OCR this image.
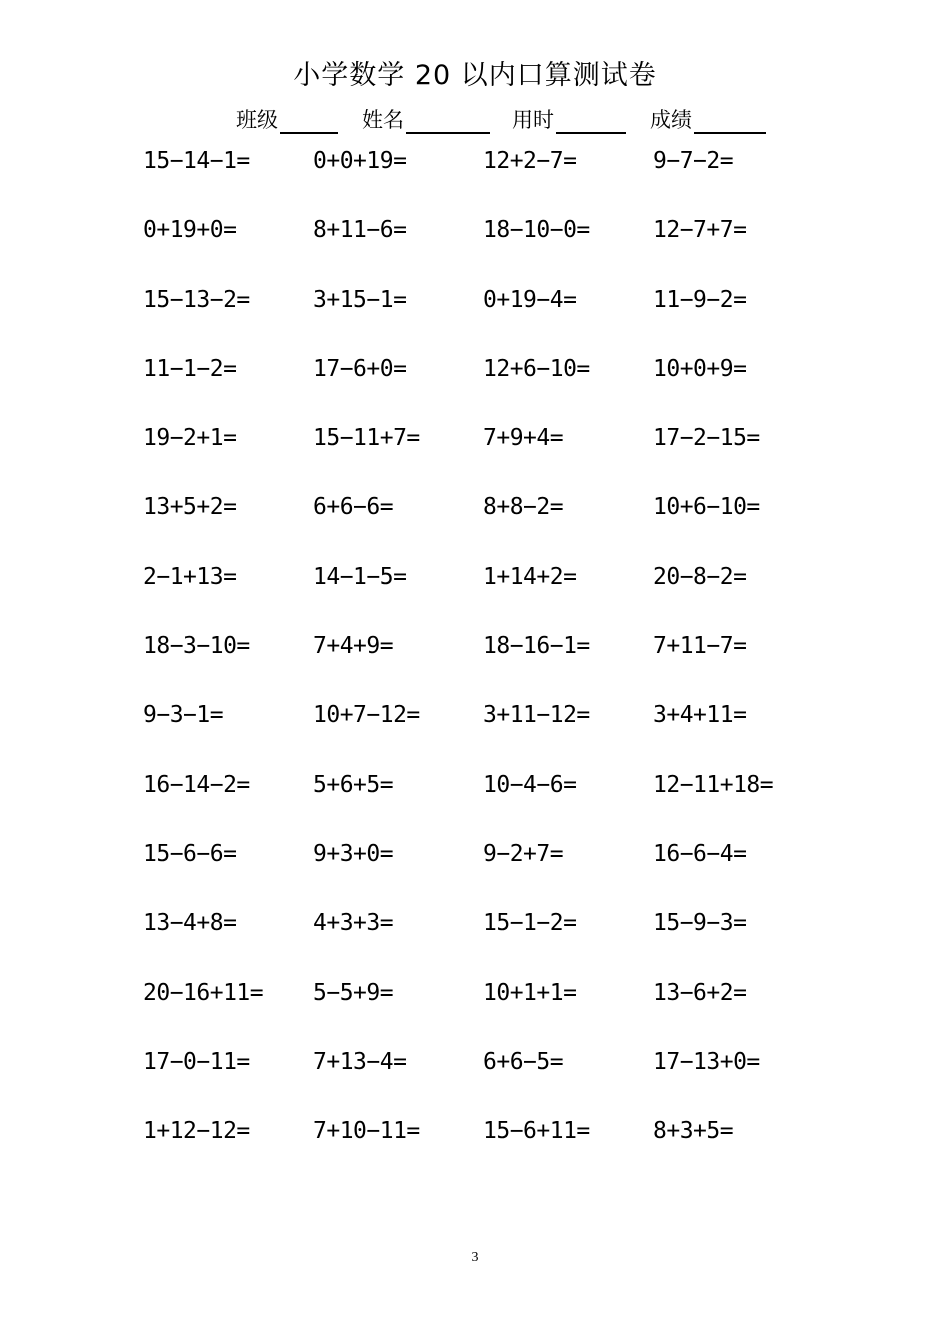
小学数学 20 以内口算测试卷
班级	姓名	用时	成绩
15−14−1=	0+0+19=	12+2−7=	9−7−2=
0+19+0=	8+11−6=	18−10−0=	12−7+7=
15−13−2=	3+15−1=	0+19−4=	11−9−2=
11−1−2=	17−6+0=	12+6−10=	10+0+9=
19−2+1=	15−11+7=	7+9+4=	17−2−15=
13+5+2=	6+6−6=	8+8−2=	10+6−10=
2−1+13=	14−1−5=	1+14+2=	20−8−2=
18−3−10=	7+4+9=	18−16−1=	7+11−7=
9−3−1=	10+7−12=	3+11−12=	3+4+11=
16−14−2=	5+6+5=	10−4−6=	12−11+18=
15−6−6=	9+3+0=	9−2+7=	16−6−4=
13−4+8=	4+3+3=	15−1−2=	15−9−3=
20−16+11=	5−5+9=	10+1+1=	13−6+2=
17−0−11=	7+13−4=	6+6−5=	17−13+0=
1+12−12=	7+10−11=	15−6+11=	8+3+5=
3
